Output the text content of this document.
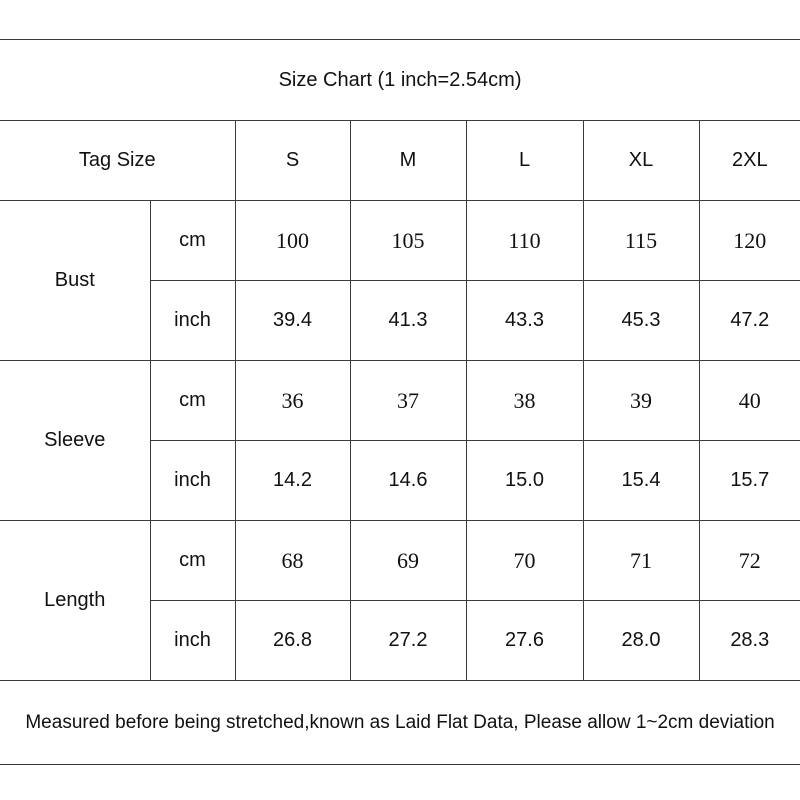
Size Chart (1 inch=2.54cm)						
Tag Size		S	M	L	XL	2XL
Bust	cm	100	105	110	115	120
	inch	39.4	41.3	43.3	45.3	47.2
Sleeve	cm	36	37	38	39	40
	inch	14.2	14.6	15.0	15.4	15.7
Length	cm	68	69	70	71	72
	inch	26.8	27.2	27.6	28.0	28.3
Measured before being stretched,known as Laid Flat Data, Please allow 1~2cm deviation						
